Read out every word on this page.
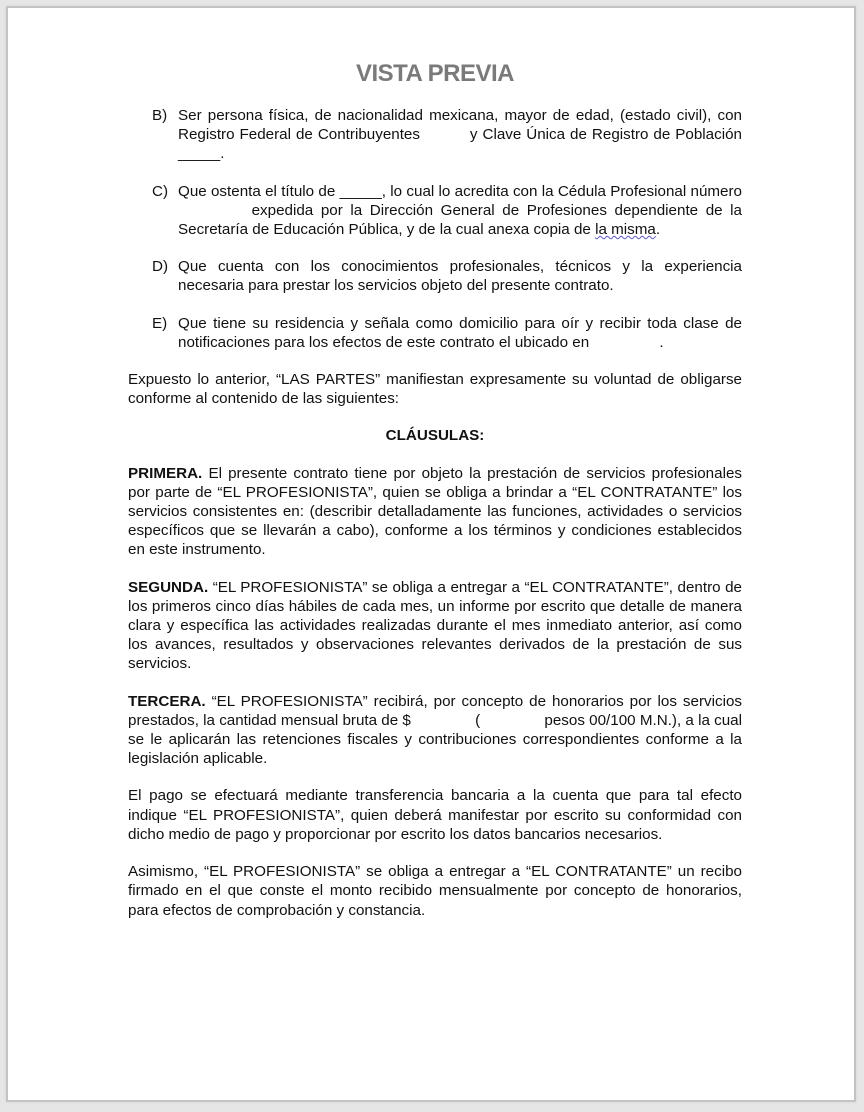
VISTA PREVIA
B) Ser persona física, de nacionalidad mexicana, mayor de edad, (estado civil), con Registro Federal de Contribuyentes	y Clave Única de Registro de Población _____.
C) Que ostenta el título de _____, lo cual lo acredita con la Cédula Profesional número  expedida por la Dirección General de Profesiones dependiente de la Secretaría de Educación Pública, y de la cual anexa copia de la misma.
D) Que cuenta con los conocimientos profesionales, técnicos y la experiencia necesaria para prestar los servicios objeto del presente contrato.
E) Que tiene su residencia y señala como domicilio para oír y recibir toda clase de notificaciones para los efectos de este contrato el ubicado en	.
Expuesto lo anterior, “LAS PARTES” manifiestan expresamente su voluntad de obligarse conforme al contenido de las siguientes:
CLÁUSULAS:
PRIMERA. El presente contrato tiene por objeto la prestación de servicios profesionales por parte de “EL PROFESIONISTA”, quien se obliga a brindar a “EL CONTRATANTE” los servicios consistentes en: (describir detalladamente las funciones, actividades o servicios específicos que se llevarán a cabo), conforme a los términos y condiciones establecidos en este instrumento.
SEGUNDA. “EL PROFESIONISTA” se obliga a entregar a “EL CONTRATANTE”, dentro de los primeros cinco días hábiles de cada mes, un informe por escrito que detalle de manera clara y específica las actividades realizadas durante el mes inmediato anterior, así como los avances, resultados y observaciones relevantes derivados de la prestación de sus servicios.
TERCERA. “EL PROFESIONISTA” recibirá, por concepto de honorarios por los servicios prestados, la cantidad mensual bruta de $	(	pesos 00/100 M.N.), a la cual se le aplicarán las retenciones fiscales y contribuciones correspondientes conforme a la legislación aplicable.
El pago se efectuará mediante transferencia bancaria a la cuenta que para tal efecto indique “EL PROFESIONISTA”, quien deberá manifestar por escrito su conformidad con dicho medio de pago y proporcionar por escrito los datos bancarios necesarios.
Asimismo, “EL PROFESIONISTA” se obliga a entregar a “EL CONTRATANTE” un recibo firmado en el que conste el monto recibido mensualmente por concepto de honorarios, para efectos de comprobación y constancia.
